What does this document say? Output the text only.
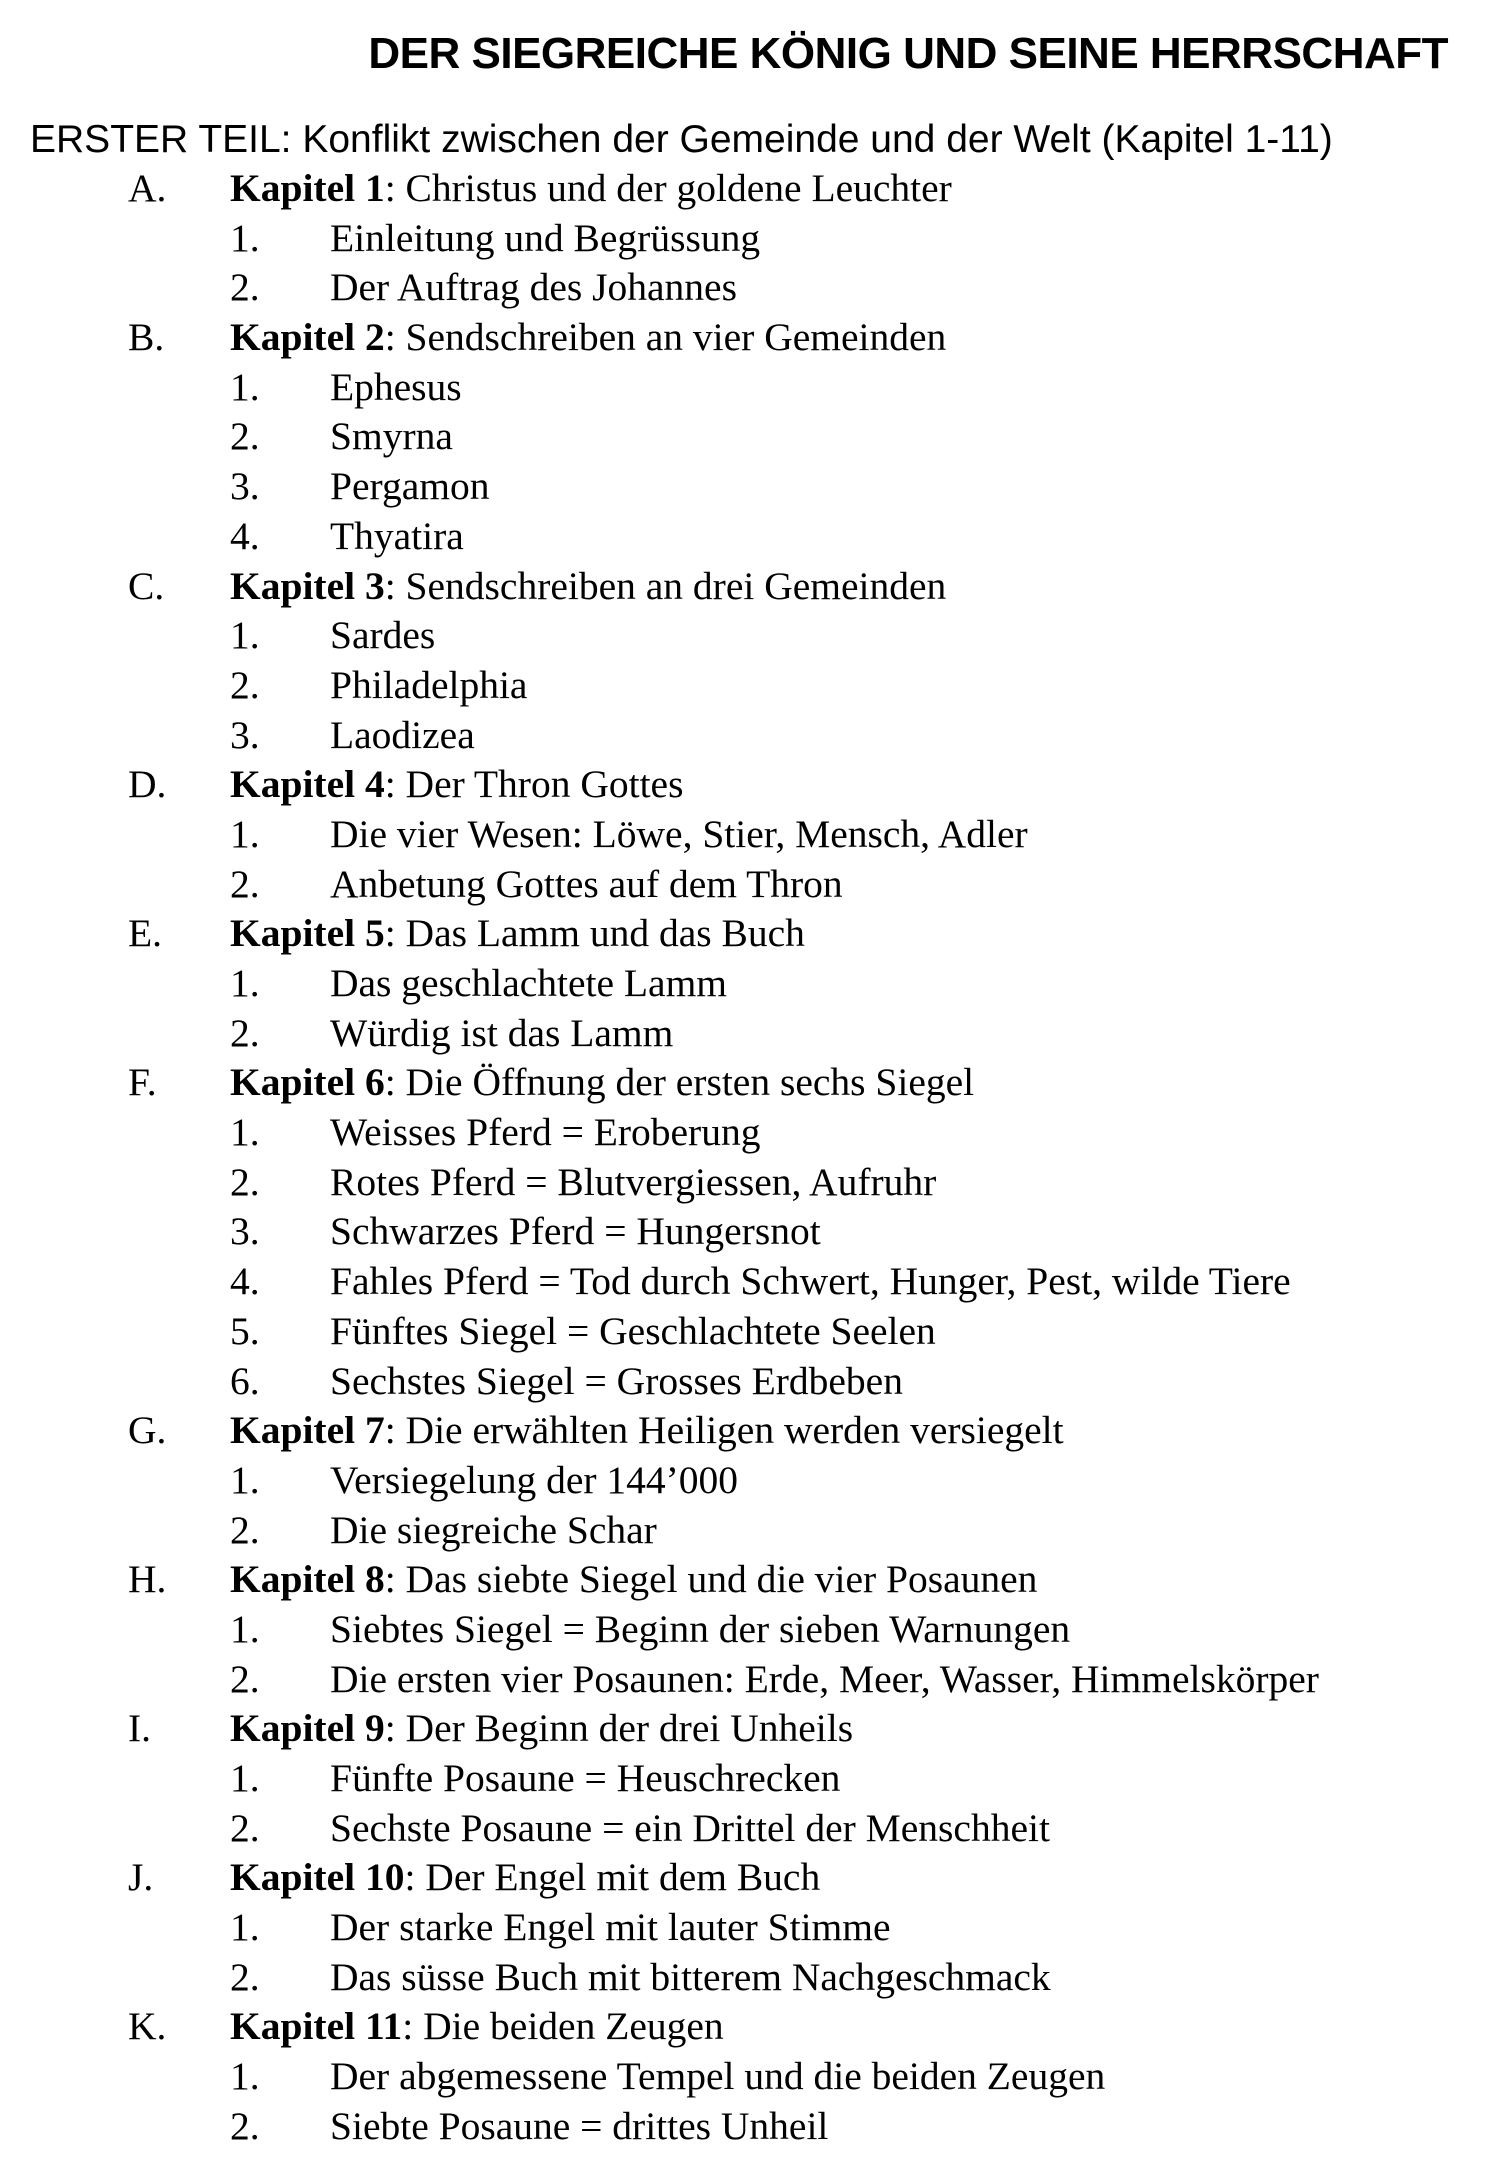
DER SIEGREICHE KÖNIG UND SEINE HERRSCHAFT
ERSTER TEIL: Konflikt zwischen der Gemeinde und der Welt (Kapitel 1-11)
A. Kapitel 1: Christus und der goldene Leuchter
1. Einleitung und Begrüssung
2. Der Auftrag des Johannes
B. Kapitel 2: Sendschreiben an vier Gemeinden
1. Ephesus
2. Smyrna
3. Pergamon
4. Thyatira
C. Kapitel 3: Sendschreiben an drei Gemeinden
1. Sardes
2. Philadelphia
3. Laodizea
D. Kapitel 4: Der Thron Gottes
1. Die vier Wesen: Löwe, Stier, Mensch, Adler
2. Anbetung Gottes auf dem Thron
E. Kapitel 5: Das Lamm und das Buch
1. Das geschlachtete Lamm
2. Würdig ist das Lamm
F. Kapitel 6: Die Öffnung der ersten sechs Siegel
1. Weisses Pferd = Eroberung
2. Rotes Pferd = Blutvergiessen, Aufruhr
3. Schwarzes Pferd = Hungersnot
4. Fahles Pferd = Tod durch Schwert, Hunger, Pest, wilde Tiere
5. Fünftes Siegel = Geschlachtete Seelen
6. Sechstes Siegel = Grosses Erdbeben
G. Kapitel 7: Die erwählten Heiligen werden versiegelt
1. Versiegelung der 144’000
2. Die siegreiche Schar
H. Kapitel 8: Das siebte Siegel und die vier Posaunen
1. Siebtes Siegel = Beginn der sieben Warnungen
2. Die ersten vier Posaunen: Erde, Meer, Wasser, Himmelskörper
I. Kapitel 9: Der Beginn der drei Unheils
1. Fünfte Posaune = Heuschrecken
2. Sechste Posaune = ein Drittel der Menschheit
J. Kapitel 10: Der Engel mit dem Buch
1. Der starke Engel mit lauter Stimme
2. Das süsse Buch mit bitterem Nachgeschmack
K. Kapitel 11: Die beiden Zeugen
1. Der abgemessene Tempel und die beiden Zeugen
2. Siebte Posaune = drittes Unheil
